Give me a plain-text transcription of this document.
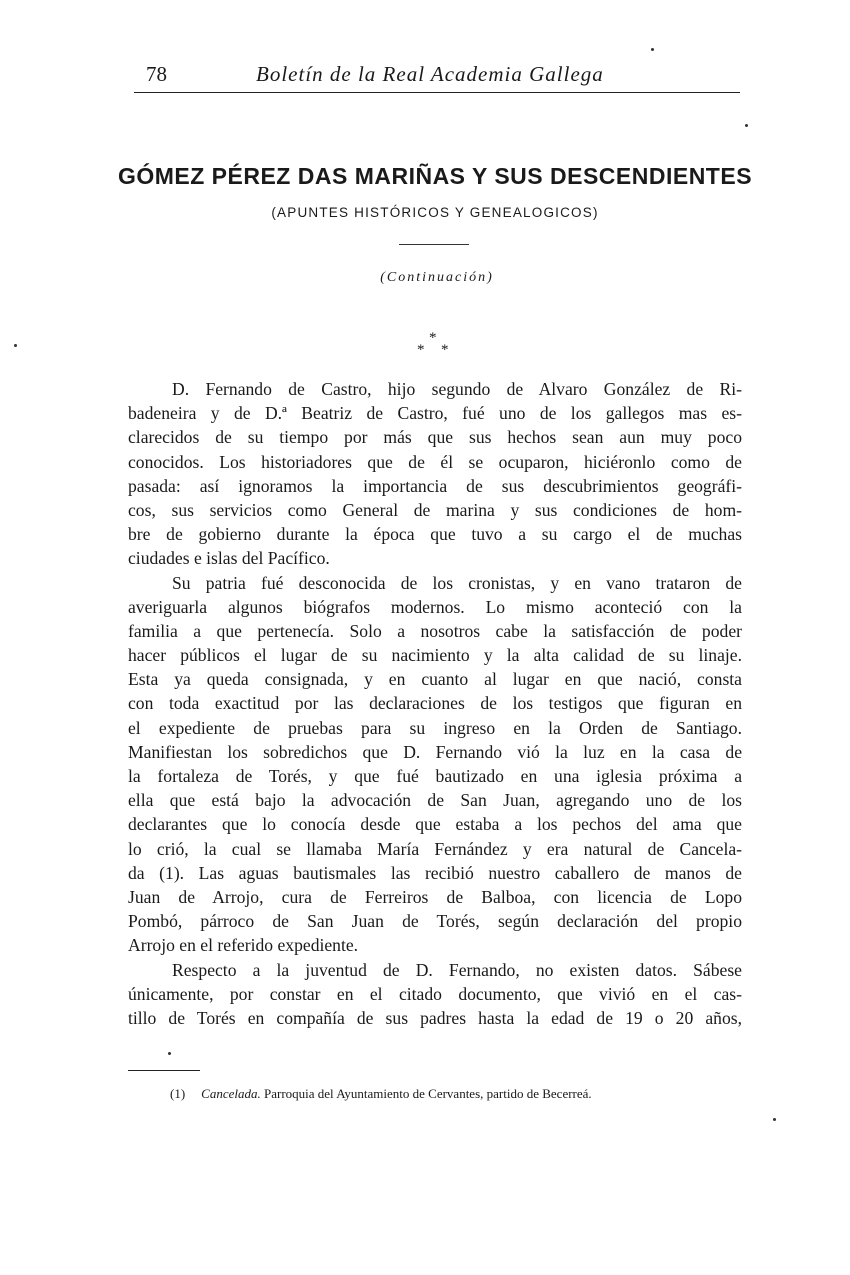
78	Boletín de la Real Academia Gallega
GÓMEZ PÉREZ DAS MARIÑAS Y SUS DESCENDIENTES
(APUNTES HISTÓRICOS Y GENEALOGICOS)
(Continuación)
*
* *
D. Fernando de Castro, hijo segundo de Alvaro González de Ri-
badeneira y de D.ª Beatriz de Castro, fué uno de los gallegos mas es-
clarecidos de su tiempo por más que sus hechos sean aun muy poco
conocidos. Los historiadores que de él se ocuparon, hiciéronlo como de
pasada: así ignoramos la importancia de sus descubrimientos geográfi-
cos, sus servicios como General de marina y sus condiciones de hom-
bre de gobierno durante la época que tuvo a su cargo el de muchas
ciudades e islas del Pacífico.
Su patria fué desconocida de los cronistas, y en vano trataron de
averiguarla algunos biógrafos modernos. Lo mismo aconteció con la
familia a que pertenecía. Solo a nosotros cabe la satisfacción de poder
hacer públicos el lugar de su nacimiento y la alta calidad de su linaje.
Esta ya queda consignada, y en cuanto al lugar en que nació, consta
con toda exactitud por las declaraciones de los testigos que figuran en
el expediente de pruebas para su ingreso en la Orden de Santiago.
Manifiestan los sobredichos que D. Fernando vió la luz en la casa de
la fortaleza de Torés, y que fué bautizado en una iglesia próxima a
ella que está bajo la advocación de San Juan, agregando uno de los
declarantes que lo conocía desde que estaba a los pechos del ama que
lo crió, la cual se llamaba María Fernández y era natural de Cancela-
da (1). Las aguas bautismales las recibió nuestro caballero de manos de
Juan de Arrojo, cura de Ferreiros de Balboa, con licencia de Lopo
Pombó, párroco de San Juan de Torés, según declaración del propio
Arrojo en el referido expediente.
Respecto a la juventud de D. Fernando, no existen datos. Sábese
únicamente, por constar en el citado documento, que vivió en el cas-
tillo de Torés en compañía de sus padres hasta la edad de 19 o 20 años,
(1) Cancelada. Parroquia del Ayuntamiento de Cervantes, partido de Becerreá.
